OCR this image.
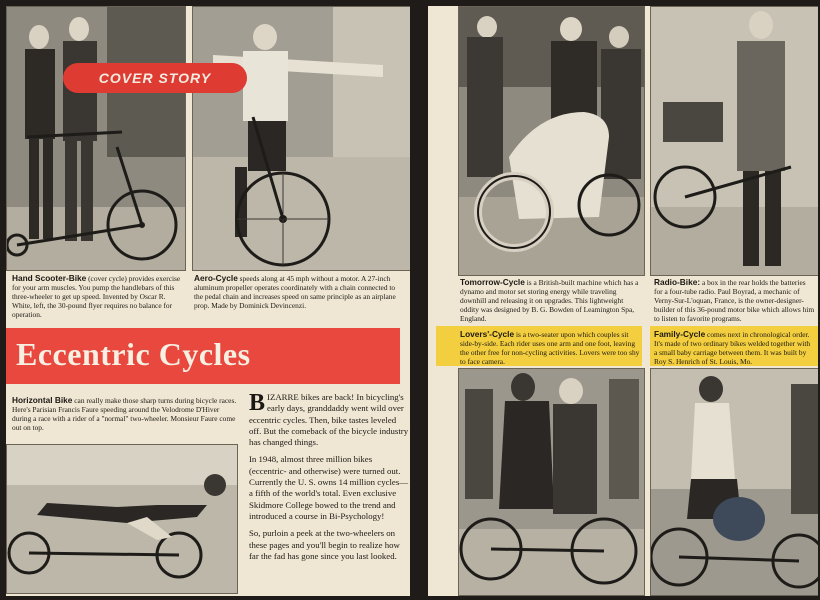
COVER STORY

Hand Scooter-Bike (cover cycle) provides exercise for your arm muscles. You pump the handlebars of this three-wheeler to get up speed. Invented by Oscar R. White, left, the 30-pound flyer requires no balance for operation.

Aero-Cycle speeds along at 45 mph without a motor. A 27-inch aluminum propeller operates coordinately with a chain connected to the pedal chain and increases speed on same principle as an airplane prop. Made by Dominick Devincenzi.

Eccentric Cycles

Horizontal Bike can really make those sharp turns during bicycle races. Here's Parisian Francis Faure speeding around the Velodrome D'Hiver during a race with a rider of a "normal" two-wheeler. Monsieur Faure come out on top.

BIZARRE bikes are back! In bicycling's early days, granddaddy went wild over eccentric cycles. Then, bike tastes leveled off. But the comeback of the bicycle industry has changed things.

In 1948, almost three million bikes (eccentric- and otherwise) were turned out. Currently the U. S. owns 14 million cycles—a fifth of the world's total. Even exclusive Skidmore College bowed to the trend and introduced a course in Bi-Psychology!

So, purloin a peek at the two-wheelers on these pages and you'll begin to realize how far the fad has gone since you last looked.

Tomorrow-Cycle is a British-built machine which has a dynamo and motor set storing energy while traveling downhill and releasing it on upgrades. This lightweight oddity was designed by B. G. Bowden of Leamington Spa, England.

Radio-Bike: a box in the rear holds the batteries for a four-tube radio. Paul Boyrad, a mechanic of Verny-Sur-L'oquan, France, is the owner-designer-builder of this 36-pound motor bike which allows him to listen to favorite programs.

Lovers'-Cycle is a two-seater upon which couples sit side-by-side. Each rider uses one arm and one foot, leaving the other free for non-cycling activities. Lovers were too shy to face camera.

Family-Cycle comes next in chronological order. It's made of two ordinary bikes welded together with a small baby carriage between them. It was built by Roy S. Henrich of St. Louis, Mo.
